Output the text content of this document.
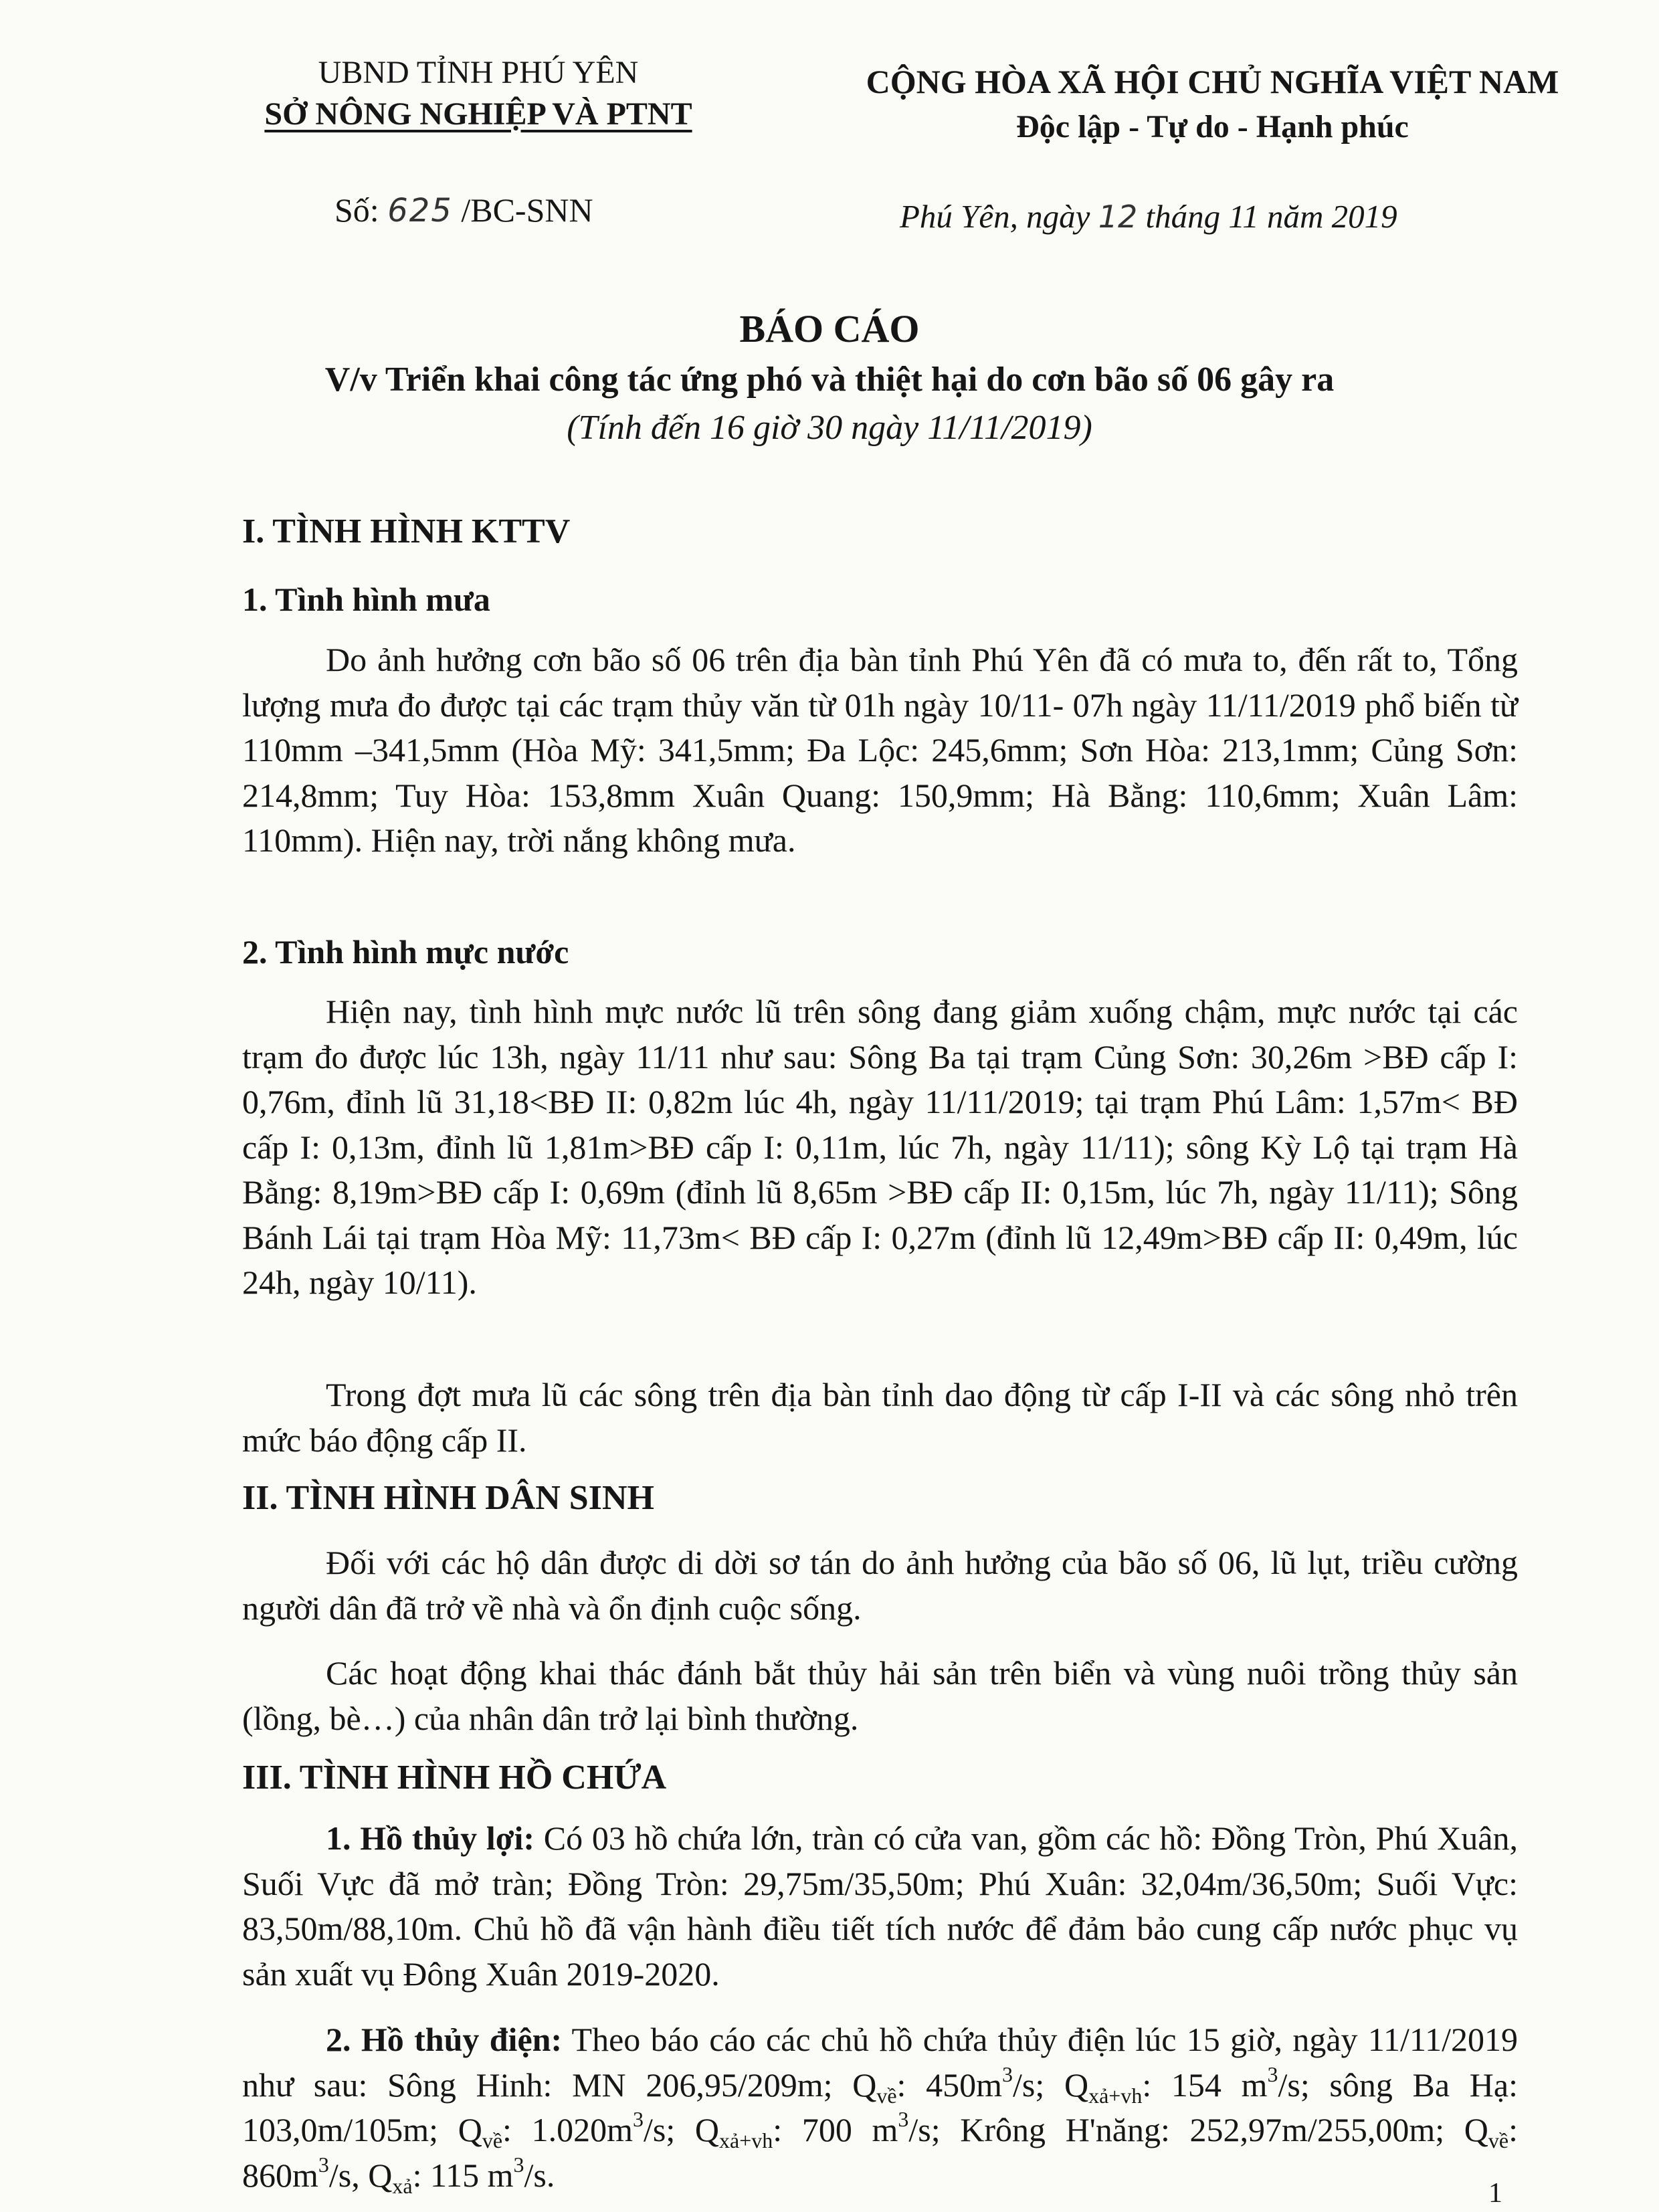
UBND TỈNH PHÚ YÊN
SỞ NÔNG NGHIỆP VÀ PTNT
CỘNG HÒA XÃ HỘI CHỦ NGHĨA VIỆT NAM
Độc lập - Tự do - Hạnh phúc
Số: 625 /BC-SNN	Phú Yên, ngày 12 tháng 11 năm 2019
BÁO CÁO
V/v Triển khai công tác ứng phó và thiệt hại do cơn bão số 06 gây ra
(Tính đến 16 giờ 30 ngày 11/11/2019)
I. TÌNH HÌNH KTTV
1. Tình hình mưa
Do ảnh hưởng cơn bão số 06 trên địa bàn tỉnh Phú Yên đã có mưa to, đến rất to, Tổng lượng mưa đo được tại các trạm thủy văn từ 01h ngày 10/11- 07h ngày 11/11/2019 phổ biến từ 110mm –341,5mm (Hòa Mỹ: 341,5mm; Đa Lộc: 245,6mm; Sơn Hòa: 213,1mm; Củng Sơn: 214,8mm; Tuy Hòa: 153,8mm Xuân Quang: 150,9mm; Hà Bằng: 110,6mm; Xuân Lâm: 110mm). Hiện nay, trời nắng không mưa.
2. Tình hình mực nước
Hiện nay, tình hình mực nước lũ trên sông đang giảm xuống chậm, mực nước tại các trạm đo được lúc 13h, ngày 11/11 như sau: Sông Ba tại trạm Củng Sơn: 30,26m >BĐ cấp I: 0,76m, đỉnh lũ 31,18<BĐ II: 0,82m lúc 4h, ngày 11/11/2019; tại trạm Phú Lâm: 1,57m< BĐ cấp I: 0,13m, đỉnh lũ 1,81m>BĐ cấp I: 0,11m, lúc 7h, ngày 11/11); sông Kỳ Lộ tại trạm Hà Bằng: 8,19m>BĐ cấp I: 0,69m (đỉnh lũ 8,65m >BĐ cấp II: 0,15m, lúc 7h, ngày 11/11); Sông Bánh Lái tại trạm Hòa Mỹ: 11,73m< BĐ cấp I: 0,27m (đỉnh lũ 12,49m>BĐ cấp II: 0,49m, lúc 24h, ngày 10/11).
Trong đợt mưa lũ các sông trên địa bàn tỉnh dao động từ cấp I-II và các sông nhỏ trên mức báo động cấp II.
II. TÌNH HÌNH DÂN SINH
Đối với các hộ dân được di dời sơ tán do ảnh hưởng của bão số 06, lũ lụt, triều cường người dân đã trở về nhà và ổn định cuộc sống.
Các hoạt động khai thác đánh bắt thủy hải sản trên biển và vùng nuôi trồng thủy sản (lồng, bè…) của nhân dân trở lại bình thường.
III. TÌNH HÌNH HỒ CHỨA
1. Hồ thủy lợi: Có 03 hồ chứa lớn, tràn có cửa van, gồm các hồ: Đồng Tròn, Phú Xuân, Suối Vực đã mở tràn; Đồng Tròn: 29,75m/35,50m; Phú Xuân: 32,04m/36,50m; Suối Vực: 83,50m/88,10m. Chủ hồ đã vận hành điều tiết tích nước để đảm bảo cung cấp nước phục vụ sản xuất vụ Đông Xuân 2019-2020.
2. Hồ thủy điện: Theo báo cáo các chủ hồ chứa thủy điện lúc 15 giờ, ngày 11/11/2019 như sau: Sông Hinh: MN 206,95/209m; $Q_{về}$: $450m^3/s$; $Q_{xả+vh}$: 154 $m^3/s$; sông Ba Hạ: 103,0m/105m; $Q_{về}$: $1.020m^3/s$; $Q_{xả+vh}$: 700 $m^3/s$; Krông H'năng: 252,97m/255,00m; $Q_{về}$: $860m^3/s$, $Q_{xả}$: 115 $m^3/s$.	1
